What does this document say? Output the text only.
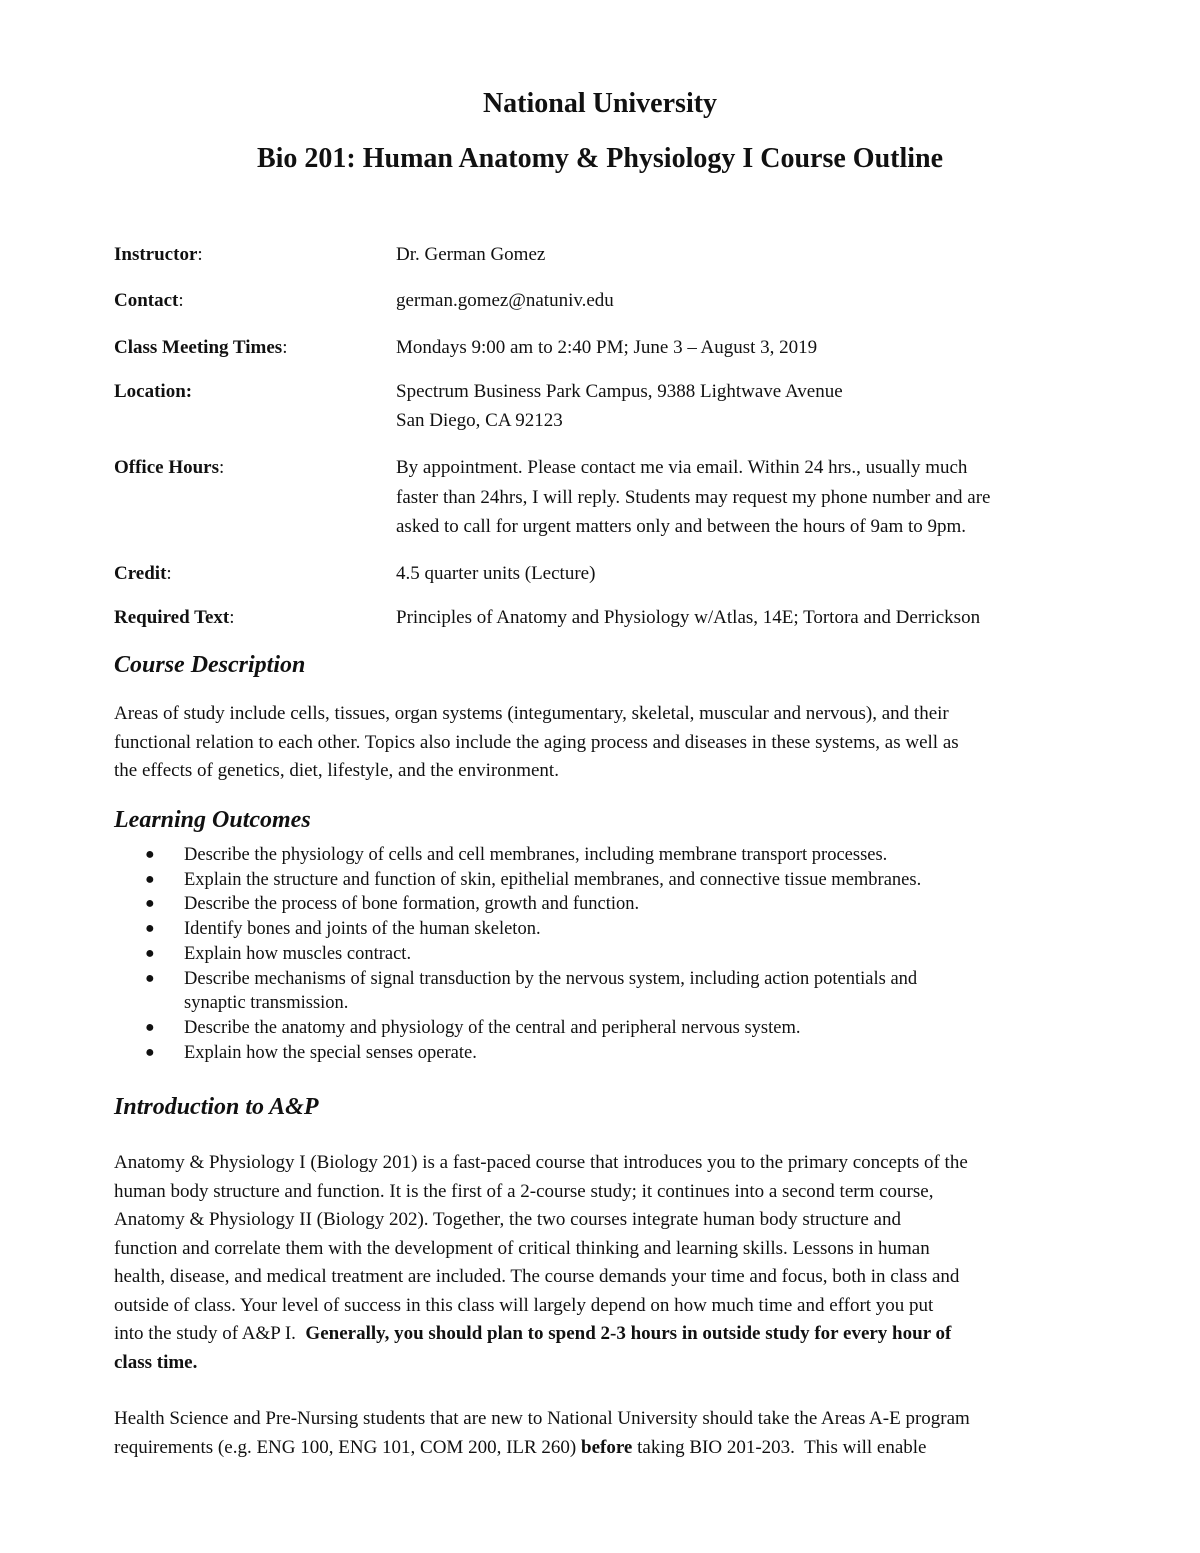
National University
Bio 201: Human Anatomy & Physiology I Course Outline
Instructor:	Dr. German Gomez
Contact:	german.gomez@natuniv.edu
Class Meeting Times:	Mondays 9:00 am to 2:40 PM; June 3 – August 3, 2019
Location:	Spectrum Business Park Campus, 9388 Lightwave Avenue
San Diego, CA 92123
Office Hours:	By appointment. Please contact me via email. Within 24 hrs., usually much
faster than 24hrs, I will reply. Students may request my phone number and are
asked to call for urgent matters only and between the hours of 9am to 9pm.
Credit:	4.5 quarter units (Lecture)
Required Text:	Principles of Anatomy and Physiology w/Atlas, 14E; Tortora and Derrickson
Course Description
Areas of study include cells, tissues, organ systems (integumentary, skeletal, muscular and nervous), and their
functional relation to each other. Topics also include the aging process and diseases in these systems, as well as
the effects of genetics, diet, lifestyle, and the environment.
Learning Outcomes
● Describe the physiology of cells and cell membranes, including membrane transport processes.
● Explain the structure and function of skin, epithelial membranes, and connective tissue membranes.
● Describe the process of bone formation, growth and function.
● Identify bones and joints of the human skeleton.
● Explain how muscles contract.
● Describe mechanisms of signal transduction by the nervous system, including action potentials and
synaptic transmission.
● Describe the anatomy and physiology of the central and peripheral nervous system.
● Explain how the special senses operate.
Introduction to A&P
Anatomy & Physiology I (Biology 201) is a fast-paced course that introduces you to the primary concepts of the
human body structure and function. It is the first of a 2-course study; it continues into a second term course,
Anatomy & Physiology II (Biology 202). Together, the two courses integrate human body structure and
function and correlate them with the development of critical thinking and learning skills. Lessons in human
health, disease, and medical treatment are included. The course demands your time and focus, both in class and
outside of class. Your level of success in this class will largely depend on how much time and effort you put
into the study of A&P I.  Generally, you should plan to spend 2-3 hours in outside study for every hour of
class time.
Health Science and Pre-Nursing students that are new to National University should take the Areas A-E program
requirements (e.g. ENG 100, ENG 101, COM 200, ILR 260) before taking BIO 201-203.  This will enable
